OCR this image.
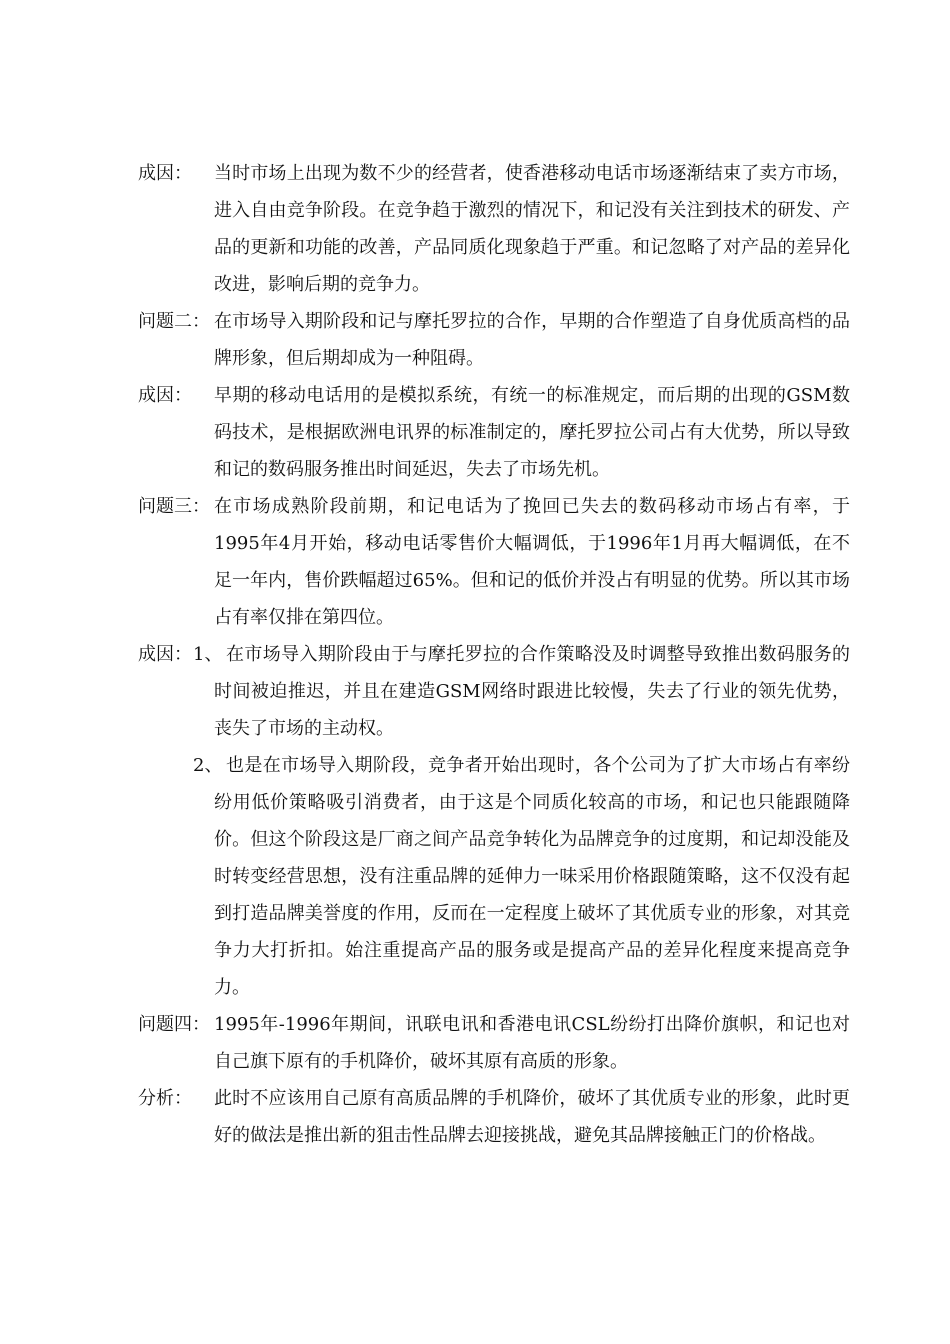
成因： 当时市场上出现为数不少的经营者，使香港移动电话市场逐渐结束了卖方市场，进入自由竞争阶段。在竞争趋于激烈的情况下，和记没有关注到技术的研发、产品的更新和功能的改善，产品同质化现象趋于严重。和记忽略了对产品的差异化改进，影响后期的竞争力。
问题二： 在市场导入期阶段和记与摩托罗拉的合作，早期的合作塑造了自身优质高档的品牌形象，但后期却成为一种阻碍。
成因： 早期的移动电话用的是模拟系统，有统一的标准规定，而后期的出现的GSM数码技术，是根据欧洲电讯界的标准制定的，摩托罗拉公司占有大优势，所以导致和记的数码服务推出时间延迟，失去了市场先机。
问题三： 在市场成熟阶段前期，和记电话为了挽回已失去的数码移动市场占有率，于1995年4月开始，移动电话零售价大幅调低，于1996年1月再大幅调低，在不足一年内，售价跌幅超过65%。但和记的低价并没占有明显的优势。所以其市场占有率仅排在第四位。
成因： 1、 在市场导入期阶段由于与摩托罗拉的合作策略没及时调整导致推出数码服务的时间被迫推迟，并且在建造GSM网络时跟进比较慢，失去了行业的领先优势，丧失了市场的主动权。
2、 也是在市场导入期阶段，竞争者开始出现时，各个公司为了扩大市场占有率纷纷用低价策略吸引消费者，由于这是个同质化较高的市场，和记也只能跟随降价。但这个阶段这是厂商之间产品竞争转化为品牌竞争的过度期，和记却没能及时转变经营思想，没有注重品牌的延伸力一味采用价格跟随策略，这不仅没有起到打造品牌美誉度的作用，反而在一定程度上破坏了其优质专业的形象，对其竞争力大打折扣。始注重提高产品的服务或是提高产品的差异化程度来提高竞争力。
问题四： 1995年-1996年期间，讯联电讯和香港电讯CSL纷纷打出降价旗帜，和记也对自己旗下原有的手机降价，破坏其原有高质的形象。
分析： 此时不应该用自己原有高质品牌的手机降价，破坏了其优质专业的形象，此时更好的做法是推出新的狙击性品牌去迎接挑战，避免其品牌接触正门的价格战。
